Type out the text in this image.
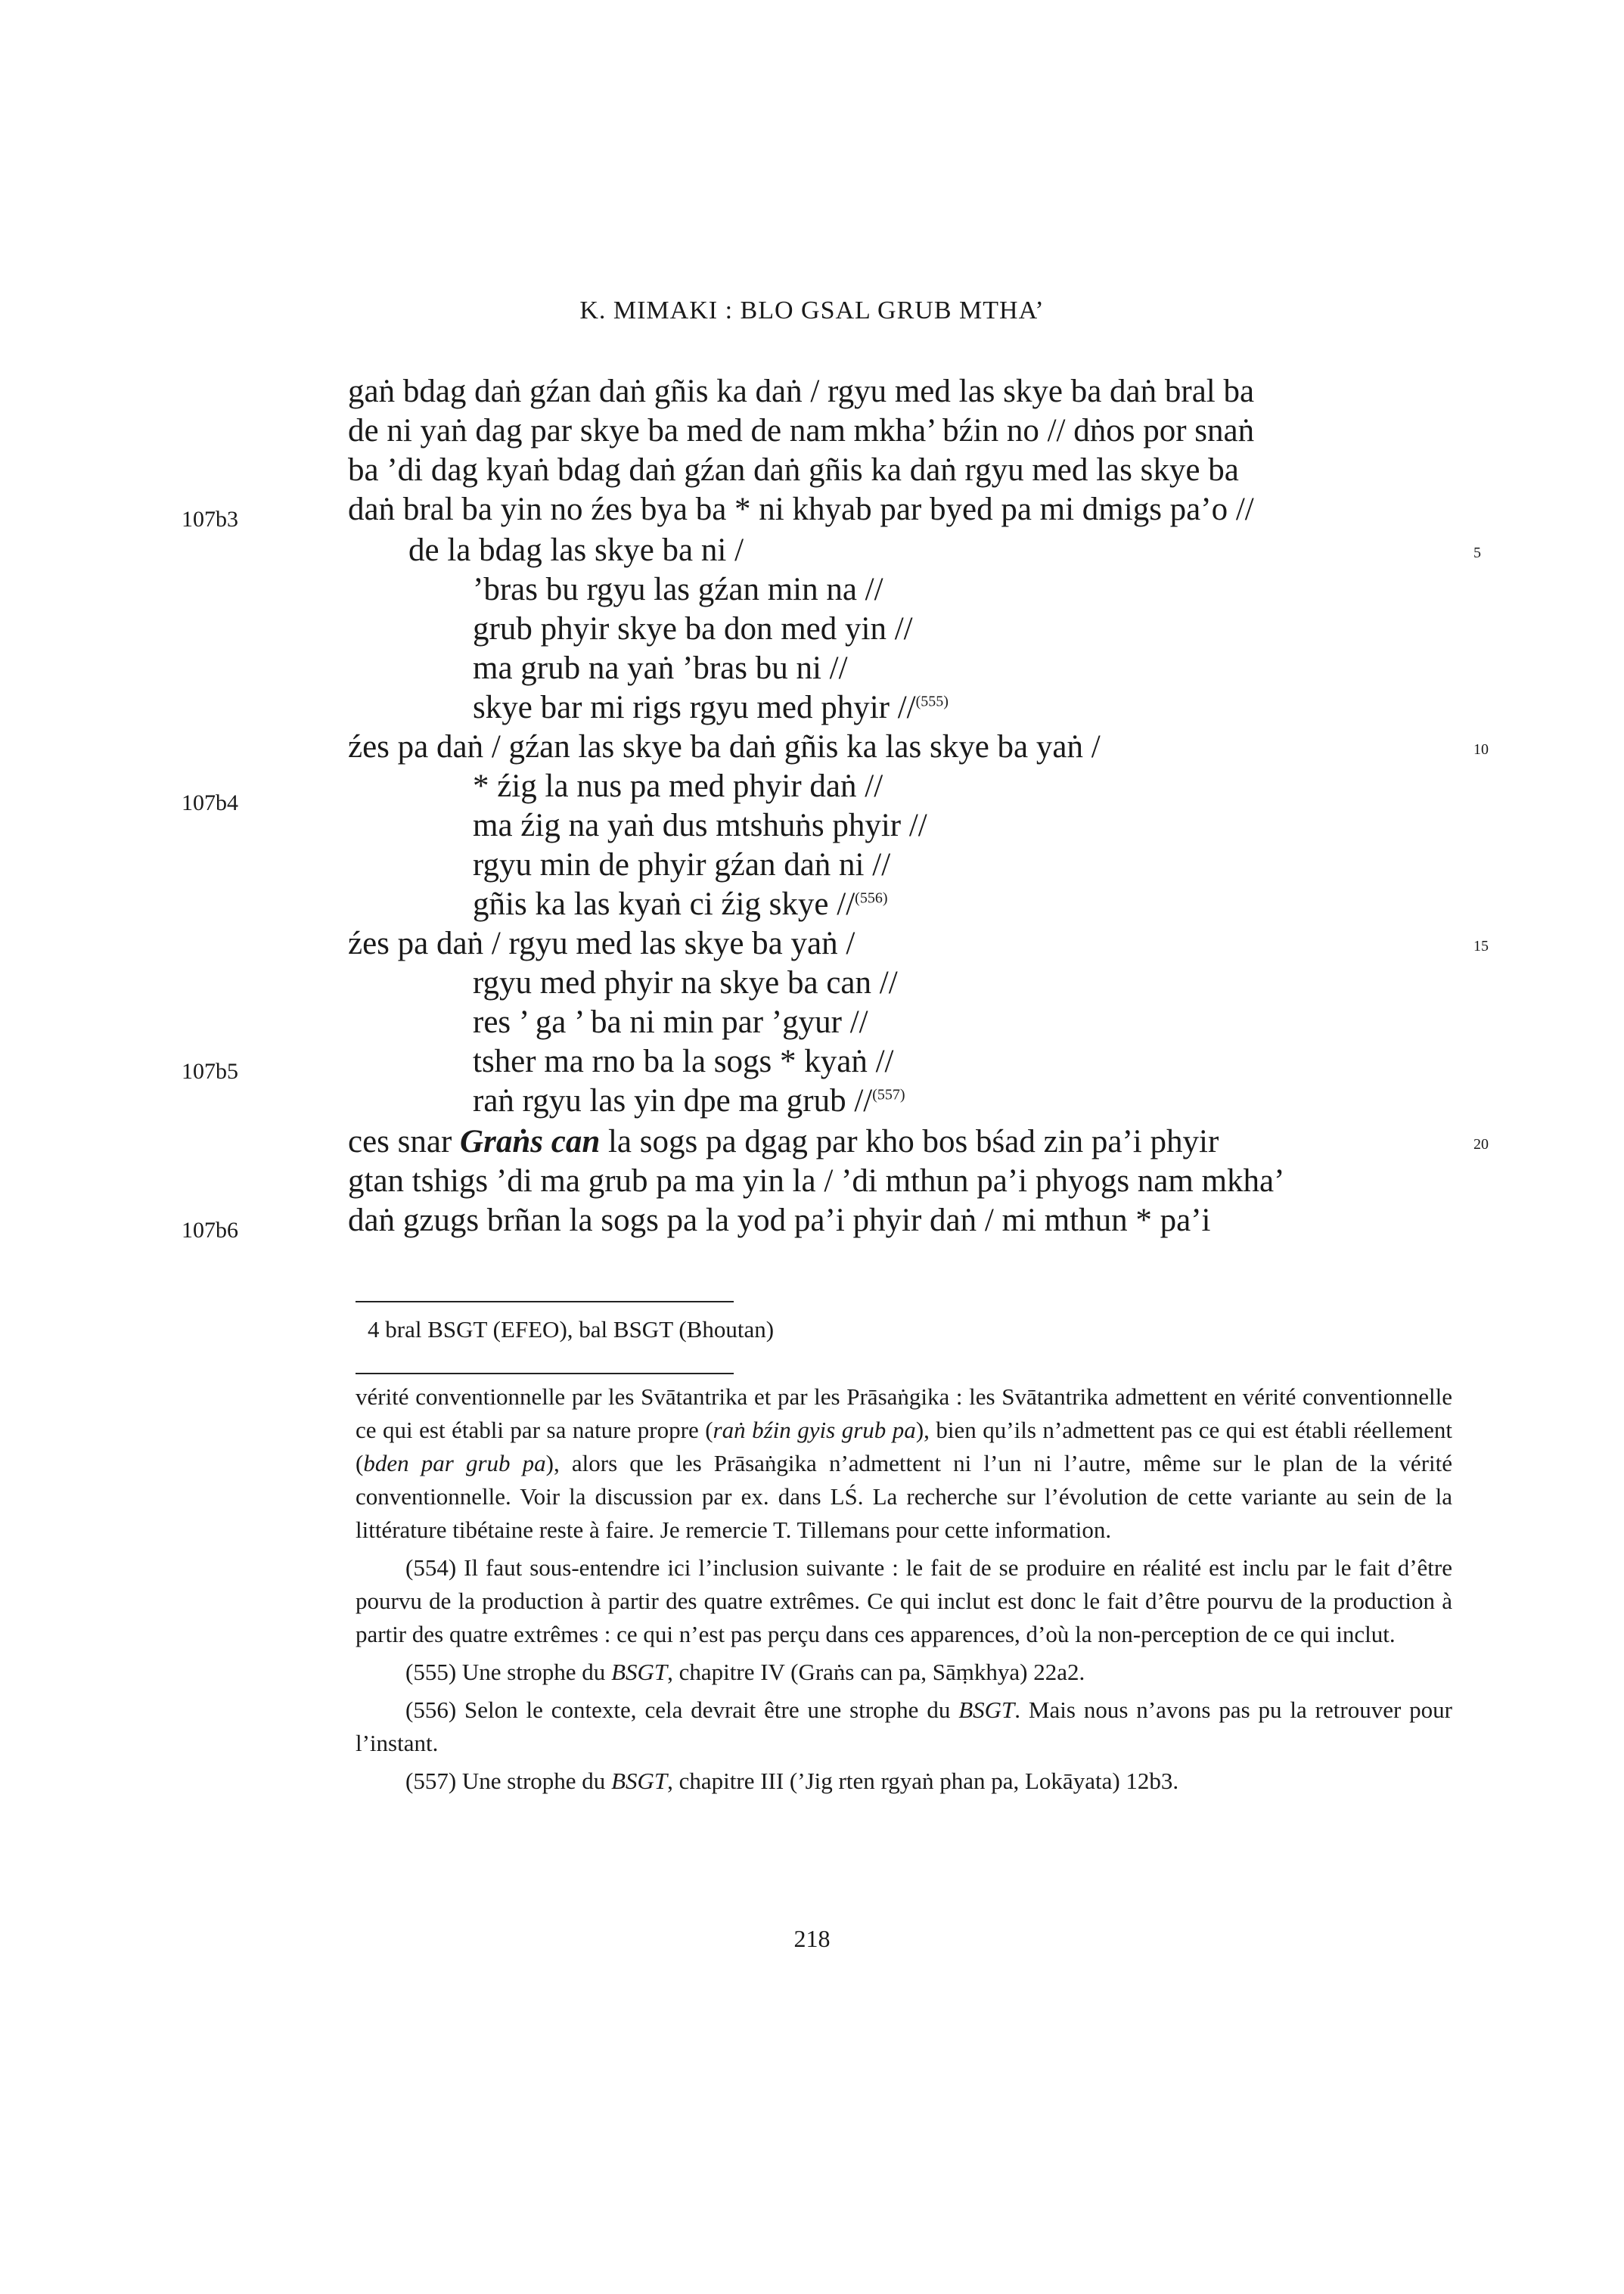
K. MIMAKI : BLO GSAL GRUB MTHA’
gaṅ bdag daṅ gźan daṅ gñis ka daṅ / rgyu med las skye ba daṅ bral ba
de ni yaṅ dag par skye ba med de nam mkha’ bźin no // dṅos por snaṅ
ba ’di dag kyaṅ bdag daṅ gźan daṅ gñis ka daṅ rgyu med las skye ba
daṅ bral ba yin no źes bya ba * ni khyab par byed pa mi dmigs pa’o //
de la bdag las skye ba ni /
’bras bu rgyu las gźan min na //
grub phyir skye ba don med yin //
ma grub na yaṅ ’bras bu ni //
skye bar mi rigs rgyu med phyir //$^{(555)}$
źes pa daṅ / gźan las skye ba daṅ gñis ka las skye ba yaṅ /
* źig la nus pa med phyir daṅ //
ma źig na yaṅ dus mtshuṅs phyir //
rgyu min de phyir gźan daṅ ni //
gñis ka las kyaṅ ci źig skye //$^{(556)}$
źes pa daṅ / rgyu med las skye ba yaṅ /
rgyu med phyir na skye ba can //
res ’ ga ’ ba ni min par ’gyur //
tsher ma rno ba la sogs * kyaṅ //
raṅ rgyu las yin dpe ma grub //$^{(557)}$
ces snar Graṅs can la sogs pa dgag par kho bos bśad zin pa’i phyir
gtan tshigs ’di ma grub pa ma yin la / ’di mthun pa’i phyogs nam mkha’
daṅ gzugs brñan la sogs pa la yod pa’i phyir daṅ / mi mthun * pa’i
107b3
107b4
107b5
107b6
5
10
15
20
4 bral BSGT (EFEO), bal BSGT (Bhoutan)

vérité conventionnelle par les Svātantrika et par les Prāsaṅgika : les Svātantrika admettent en vérité conventionnelle ce qui est établi par sa nature propre (raṅ bźin gyis grub pa), bien qu’ils n’admettent pas ce qui est établi réellement (bden par grub pa), alors que les Prāsaṅgika n’admettent ni l’un ni l’autre, même sur le plan de la vérité conventionnelle. Voir la discussion par ex. dans LŚ. La recherche sur l’évolution de cette variante au sein de la littérature tibétaine reste à faire. Je remercie T. Tillemans pour cette information.

(554) Il faut sous-entendre ici l’inclusion suivante : le fait de se produire en réalité est inclu par le fait d’être pourvu de la production à partir des quatre extrêmes. Ce qui inclut est donc le fait d’être pourvu de la production à partir des quatre extrêmes : ce qui n’est pas perçu dans ces apparences, d’où la non-perception de ce qui inclut.

(555) Une strophe du BSGT, chapitre IV (Graṅs can pa, Sāṃkhya) 22a2.

(556) Selon le contexte, cela devrait être une strophe du BSGT. Mais nous n’avons pas pu la retrouver pour l’instant.

(557) Une strophe du BSGT, chapitre III (’Jig rten rgyaṅ phan pa, Lokāyata) 12b3.

218
